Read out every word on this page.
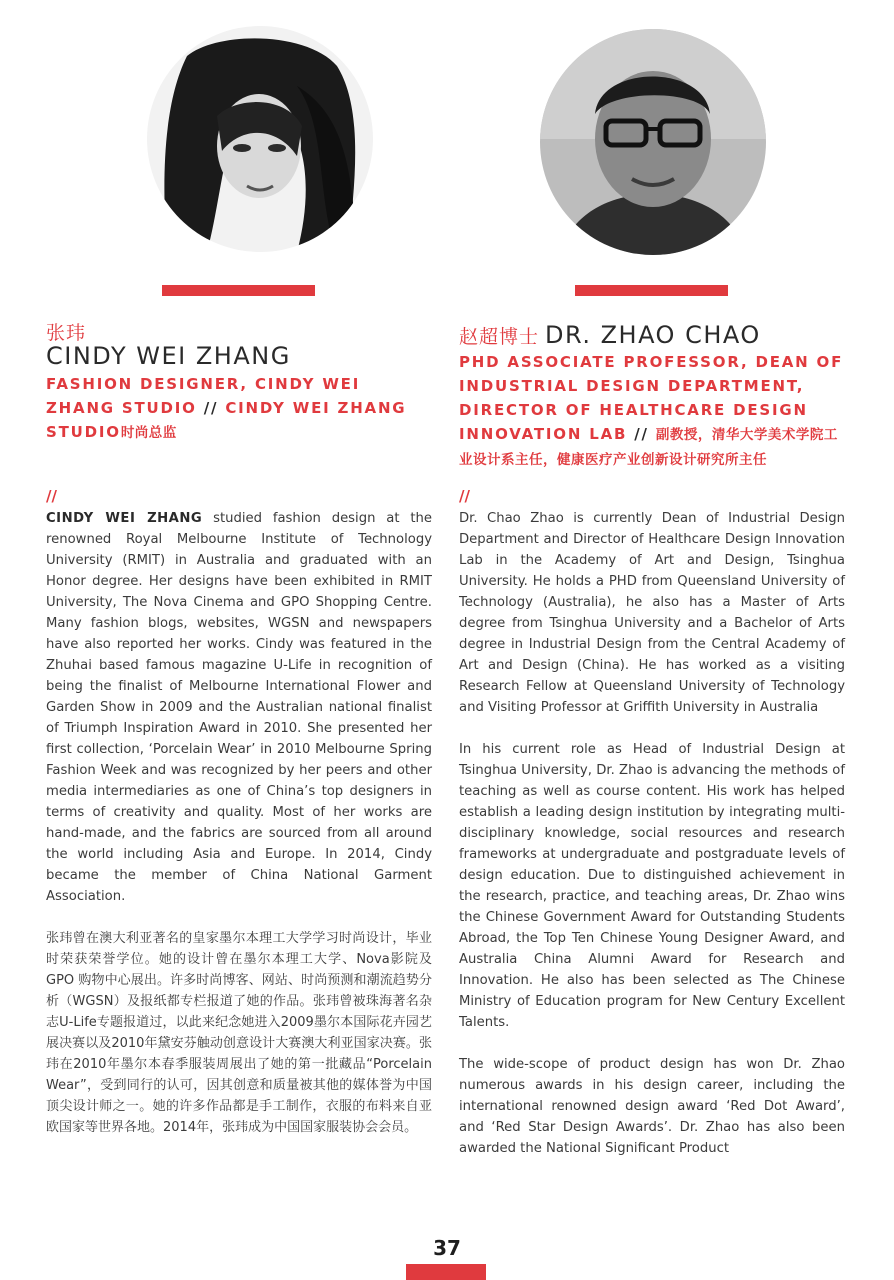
张玮
CINDY WEI ZHANG
FASHION DESIGNER, CINDY WEI ZHANG STUDIO // CINDY WEI ZHANG STUDIO时尚总监
//

CINDY WEI ZHANG studied fashion design at the renowned Royal Melbourne Institute of Technology University (RMIT) in Australia and graduated with an Honor degree. Her designs have been exhibited in RMIT University, The Nova Cinema and GPO Shopping Centre. Many fashion blogs, websites, WGSN and newspapers have also reported her works. Cindy was featured in the Zhuhai based famous magazine U-Life in recognition of being the finalist of Melbourne International Flower and Garden Show in 2009 and the Australian national finalist of Triumph Inspiration Award in 2010. She presented her first collection, ‘Porcelain Wear’ in 2010 Melbourne Spring Fashion Week and was recognized by her peers and other media intermediaries as one of China’s top designers in terms of creativity and quality. Most of her works are hand-made, and the fabrics are sourced from all around the world including Asia and Europe. In 2014, Cindy became the member of China National Garment Association.

张玮曾在澳大利亚著名的皇家墨尔本理工大学学习时尚设计，毕业时荣获荣誉学位。她的设计曾在墨尔本理工大学、Nova影院及 GPO 购物中心展出。许多时尚博客、网站、时尚预测和潮流趋势分析（WGSN）及报纸都专栏报道了她的作品。张玮曾被珠海著名杂志U-Life专题报道过，以此来纪念她进入2009墨尔本国际花卉园艺展决赛以及2010年黛安芬触动创意设计大赛澳大利亚国家决赛。张玮在2010年墨尔本春季服装周展出了她的第一批藏品“Porcelain Wear”，受到同行的认可，因其创意和质量被其他的媒体誉为中国顶尖设计师之一。她的许多作品都是手工制作，衣服的布料来自亚欧国家等世界各地。2014年，张玮成为中国国家服装协会会员。

赵超博士 DR. ZHAO CHAO
PHD ASSOCIATE PROFESSOR, DEAN OF INDUSTRIAL DESIGN DEPARTMENT, DIRECTOR OF HEALTHCARE DESIGN INNOVATION LAB // 副教授，清华大学美术学院工业设计系主任，健康医疗产业创新设计研究所主任
//

Dr. Chao Zhao is currently Dean of Industrial Design Department and Director of Healthcare Design Innovation Lab in the Academy of Art and Design, Tsinghua University. He holds a PHD from Queensland University of Technology (Australia), he also has a Master of Arts degree from Tsinghua University and a Bachelor of Arts degree in Industrial Design from the Central Academy of Art and Design (China). He has worked as a visiting Research Fellow at Queensland University of Technology and Visiting Professor at Griffith University in Australia

In his current role as Head of Industrial Design at Tsinghua University, Dr. Zhao is advancing the methods of teaching as well as course content. His work has helped establish a leading design institution by integrating multi-disciplinary knowledge, social resources and research frameworks at undergraduate and postgraduate levels of design education. Due to distinguished achievement in the research, practice, and teaching areas, Dr. Zhao wins the Chinese Government Award for Outstanding Students Abroad, the Top Ten Chinese Young Designer Award, and Australia China Alumni Award for Research and Innovation. He also has been selected as The Chinese Ministry of Education program for New Century Excellent Talents.

The wide-scope of product design has won Dr. Zhao numerous awards in his design career, including the international renowned design award ‘Red Dot Award’, and ‘Red Star Design Awards’. Dr. Zhao has also been awarded the National Significant Product

37
